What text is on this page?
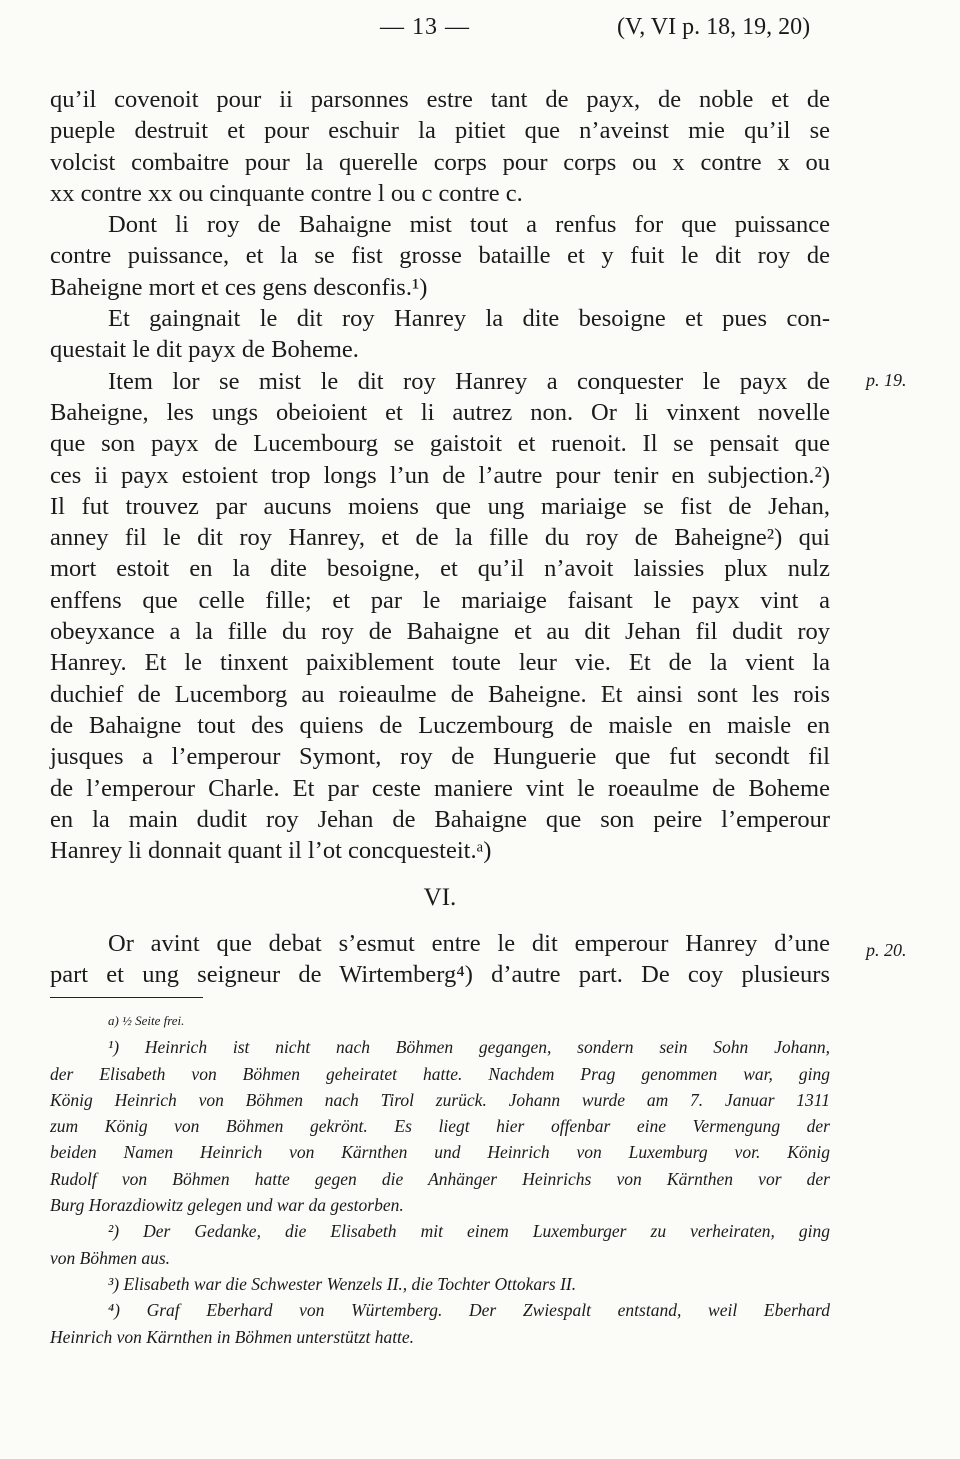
— 13 —	(V, VI p. 18, 19, 20)
qu’il covenoit pour ii parsonnes estre tant de payx, de noble et de
pueple destruit et pour eschuir la pitiet que n’aveinst mie qu’il se
volcist combaitre pour la querelle corps pour corps ou x contre x ou
xx contre xx ou cinquante contre l ou c contre c.
Dont li roy de Bahaigne mist tout a renfus for que puissance
contre puissance, et la se fist grosse bataille et y fuit le dit roy de
Baheigne mort et ces gens desconfis.¹)
Et gaingnait le dit roy Hanrey la dite besoigne et pues con-
questait le dit payx de Boheme.
Item lor se mist le dit roy Hanrey a conquester le payx de
Baheigne, les ungs obeioient et li autrez non. Or li vinxent novelle
que son payx de Lucembourg se gaistoit et ruenoit. Il se pensait que
ces ii payx estoient trop longs l’un de l’autre pour tenir en subjection.²)
Il fut trouvez par aucuns moiens que ung mariaige se fist de Jehan,
anney fil le dit roy Hanrey, et de la fille du roy de Baheigne²) qui
mort estoit en la dite besoigne, et qu’il n’avoit laissies plux nulz
enffens que celle fille; et par le mariaige faisant le payx vint a
obeyxance a la fille du roy de Bahaigne et au dit Jehan fil dudit roy
Hanrey. Et le tinxent paixiblement toute leur vie. Et de la vient la
duchief de Lucemborg au roieaulme de Baheigne. Et ainsi sont les rois
de Bahaigne tout des quiens de Luczembourg de maisle en maisle en
jusques a l’emperour Symont, roy de Hunguerie que fut secondt fil
de l’emperour Charle. Et par ceste maniere vint le roeaulme de Boheme
en la main dudit roy Jehan de Bahaigne que son peire l’emperour
Hanrey li donnait quant il l’ot concquesteit.ᵃ)
p. 19.
VI.
Or avint que debat s’esmut entre le dit emperour Hanrey d’une
part et ung seigneur de Wirtemberg⁴) d’autre part. De coy plusieurs
p. 20.
a) ½ Seite frei.
¹) Heinrich ist nicht nach Böhmen gegangen, sondern sein Sohn Johann,
der Elisabeth von Böhmen geheiratet hatte. Nachdem Prag genommen war, ging
König Heinrich von Böhmen nach Tirol zurück. Johann wurde am 7. Januar 1311
zum König von Böhmen gekrönt. Es liegt hier offenbar eine Vermengung der
beiden Namen Heinrich von Kärnthen und Heinrich von Luxemburg vor. König
Rudolf von Böhmen hatte gegen die Anhänger Heinrichs von Kärnthen vor der
Burg Horazdiowitz gelegen und war da gestorben.
²) Der Gedanke, die Elisabeth mit einem Luxemburger zu verheiraten, ging
von Böhmen aus.
³) Elisabeth war die Schwester Wenzels II., die Tochter Ottokars II.
⁴) Graf Eberhard von Würtemberg. Der Zwiespalt entstand, weil Eberhard
Heinrich von Kärnthen in Böhmen unterstützt hatte.
